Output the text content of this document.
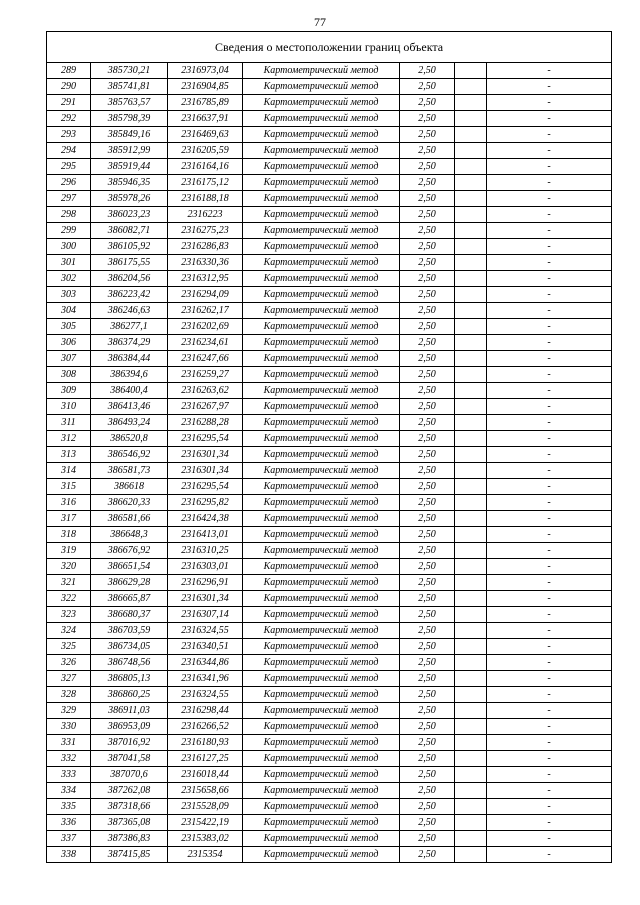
77
Сведения о местоположении границ объекта						
289	385730,21	2316973,04	Картометрический метод	2,50		-
290	385741,81	2316904,85	Картометрический метод	2,50		-
291	385763,57	2316785,89	Картометрический метод	2,50		-
292	385798,39	2316637,91	Картометрический метод	2,50		-
293	385849,16	2316469,63	Картометрический метод	2,50		-
294	385912,99	2316205,59	Картометрический метод	2,50		-
295	385919,44	2316164,16	Картометрический метод	2,50		-
296	385946,35	2316175,12	Картометрический метод	2,50		-
297	385978,26	2316188,18	Картометрический метод	2,50		-
298	386023,23	2316223	Картометрический метод	2,50		-
299	386082,71	2316275,23	Картометрический метод	2,50		-
300	386105,92	2316286,83	Картометрический метод	2,50		-
301	386175,55	2316330,36	Картометрический метод	2,50		-
302	386204,56	2316312,95	Картометрический метод	2,50		-
303	386223,42	2316294,09	Картометрический метод	2,50		-
304	386246,63	2316262,17	Картометрический метод	2,50		-
305	386277,1	2316202,69	Картометрический метод	2,50		-
306	386374,29	2316234,61	Картометрический метод	2,50		-
307	386384,44	2316247,66	Картометрический метод	2,50		-
308	386394,6	2316259,27	Картометрический метод	2,50		-
309	386400,4	2316263,62	Картометрический метод	2,50		-
310	386413,46	2316267,97	Картометрический метод	2,50		-
311	386493,24	2316288,28	Картометрический метод	2,50		-
312	386520,8	2316295,54	Картометрический метод	2,50		-
313	386546,92	2316301,34	Картометрический метод	2,50		-
314	386581,73	2316301,34	Картометрический метод	2,50		-
315	386618	2316295,54	Картометрический метод	2,50		-
316	386620,33	2316295,82	Картометрический метод	2,50		-
317	386581,66	2316424,38	Картометрический метод	2,50		-
318	386648,3	2316413,01	Картометрический метод	2,50		-
319	386676,92	2316310,25	Картометрический метод	2,50		-
320	386651,54	2316303,01	Картометрический метод	2,50		-
321	386629,28	2316296,91	Картометрический метод	2,50		-
322	386665,87	2316301,34	Картометрический метод	2,50		-
323	386680,37	2316307,14	Картометрический метод	2,50		-
324	386703,59	2316324,55	Картометрический метод	2,50		-
325	386734,05	2316340,51	Картометрический метод	2,50		-
326	386748,56	2316344,86	Картометрический метод	2,50		-
327	386805,13	2316341,96	Картометрический метод	2,50		-
328	386860,25	2316324,55	Картометрический метод	2,50		-
329	386911,03	2316298,44	Картометрический метод	2,50		-
330	386953,09	2316266,52	Картометрический метод	2,50		-
331	387016,92	2316180,93	Картометрический метод	2,50		-
332	387041,58	2316127,25	Картометрический метод	2,50		-
333	387070,6	2316018,44	Картометрический метод	2,50		-
334	387262,08	2315658,66	Картометрический метод	2,50		-
335	387318,66	2315528,09	Картометрический метод	2,50		-
336	387365,08	2315422,19	Картометрический метод	2,50		-
337	387386,83	2315383,02	Картометрический метод	2,50		-
338	387415,85	2315354	Картометрический метод	2,50		-
